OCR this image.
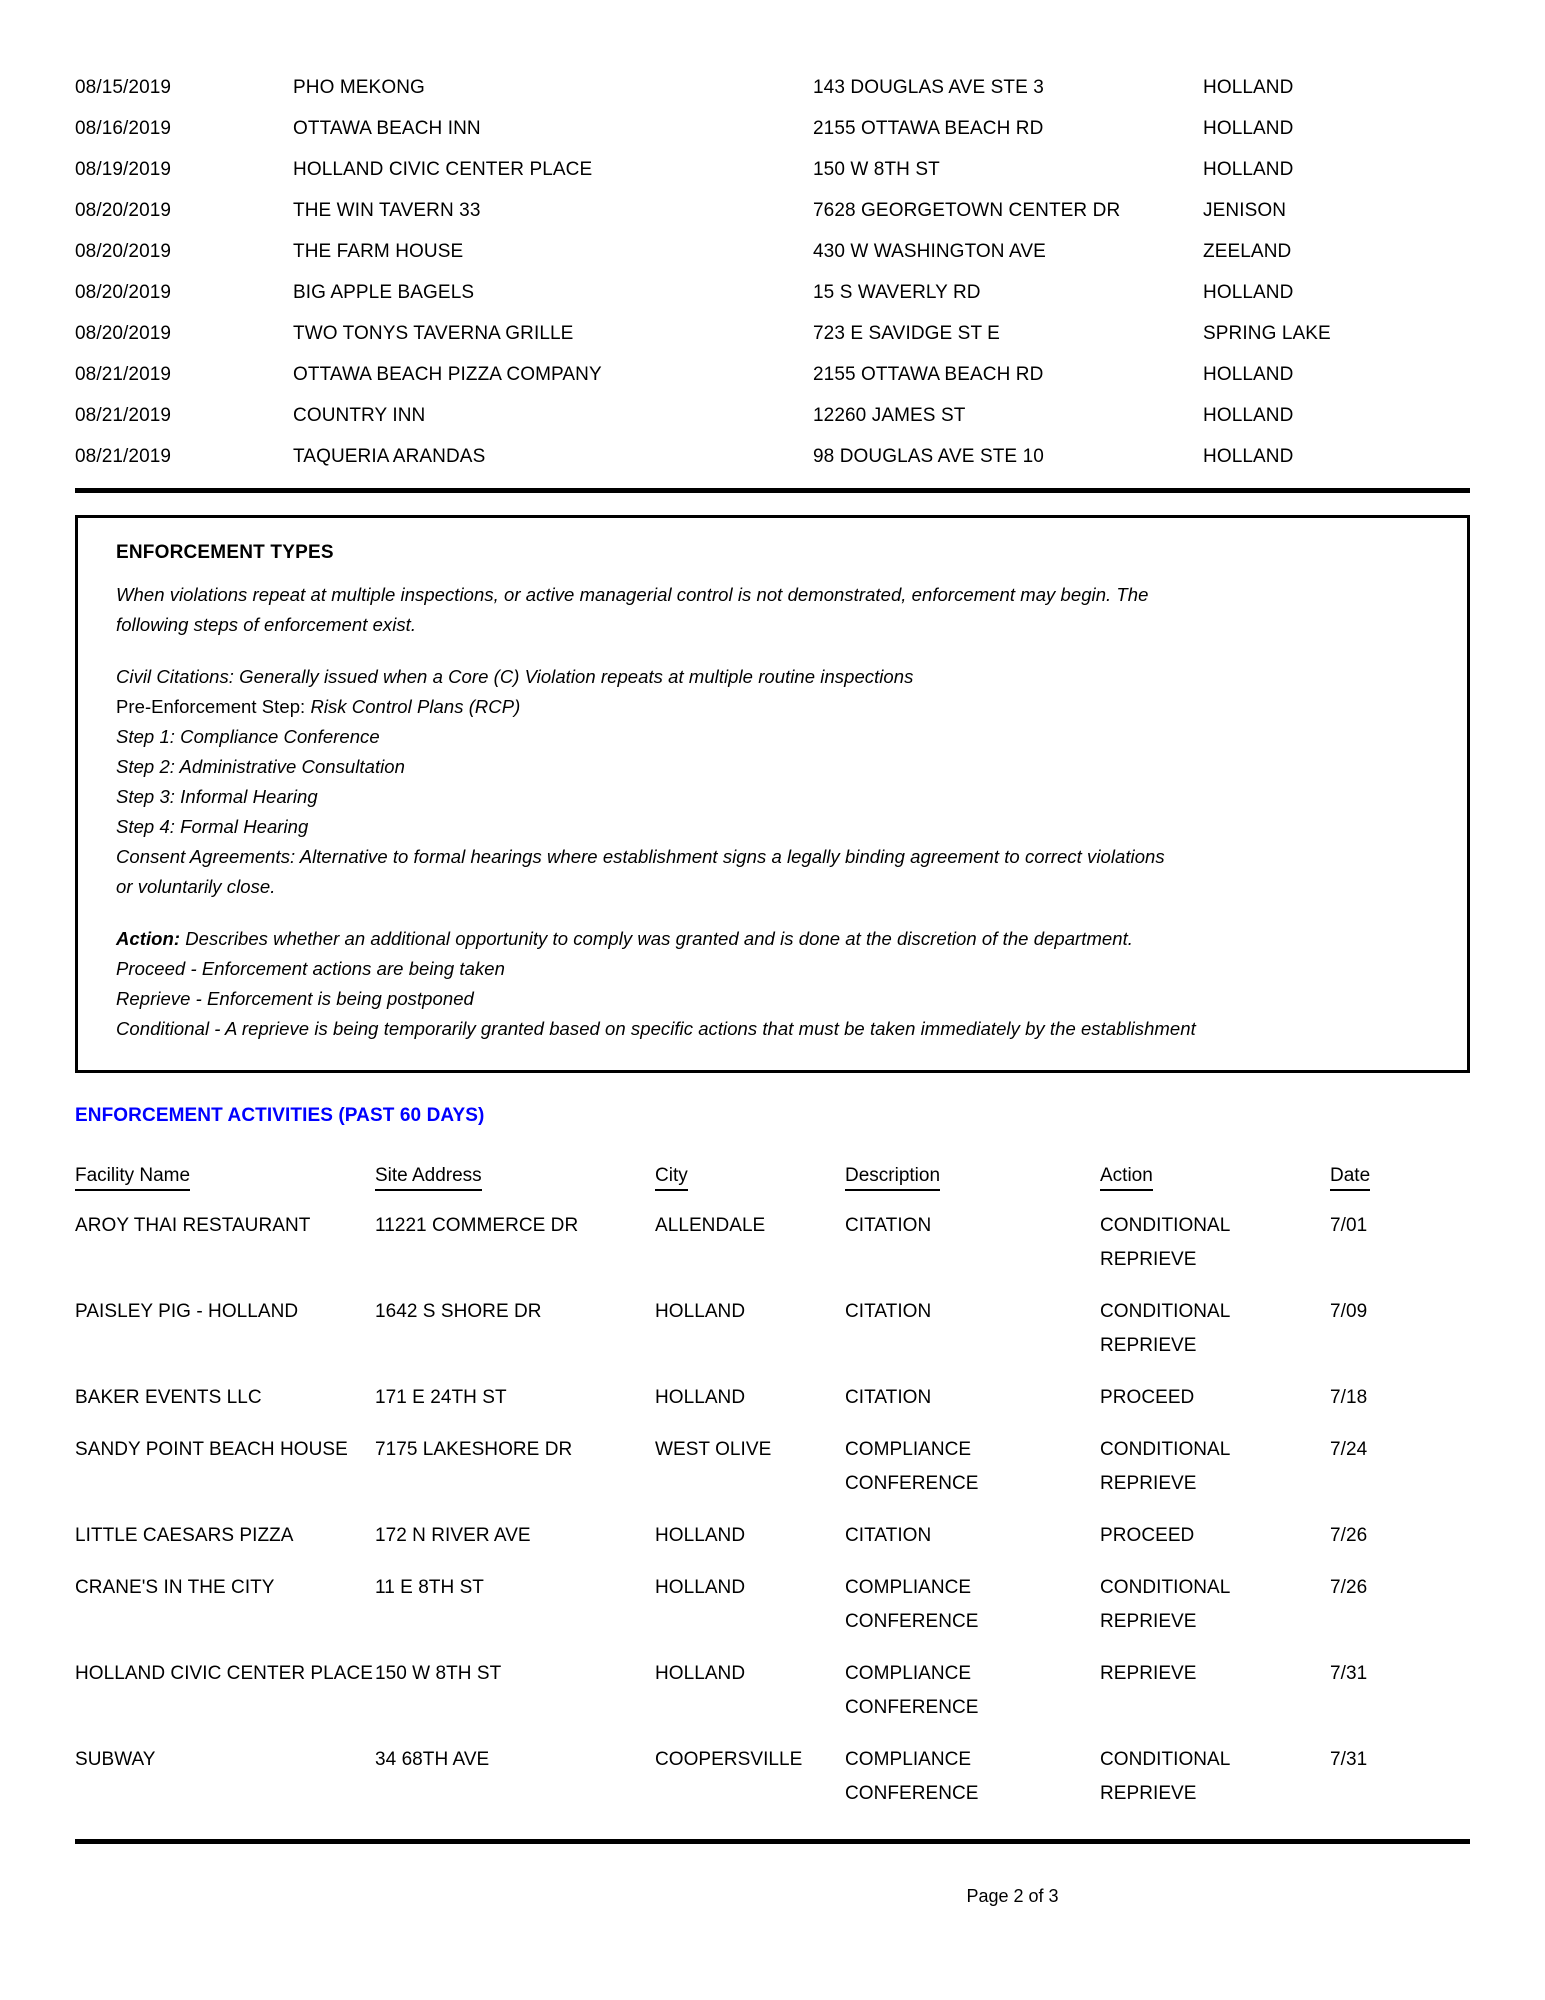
08/15/2019	PHO MEKONG	143 DOUGLAS AVE STE 3	HOLLAND
08/16/2019	OTTAWA BEACH INN	2155 OTTAWA BEACH RD	HOLLAND
08/19/2019	HOLLAND CIVIC CENTER PLACE	150 W 8TH ST	HOLLAND
08/20/2019	THE WIN TAVERN 33	7628 GEORGETOWN CENTER DR	JENISON
08/20/2019	THE FARM HOUSE	430 W WASHINGTON AVE	ZEELAND
08/20/2019	BIG APPLE BAGELS	15 S WAVERLY RD	HOLLAND
08/20/2019	TWO TONYS TAVERNA GRILLE	723 E SAVIDGE ST E	SPRING LAKE
08/21/2019	OTTAWA BEACH PIZZA COMPANY	2155 OTTAWA BEACH RD	HOLLAND
08/21/2019	COUNTRY INN	12260 JAMES ST	HOLLAND
08/21/2019	TAQUERIA ARANDAS	98 DOUGLAS AVE STE 10	HOLLAND
ENFORCEMENT TYPES
When violations repeat at multiple inspections, or active managerial control is not demonstrated, enforcement may begin. The
following steps of enforcement exist.
Civil Citations: Generally issued when a Core (C) Violation repeats at multiple routine inspections
Pre-Enforcement Step: Risk Control Plans (RCP)
Step 1: Compliance Conference
Step 2: Administrative Consultation
Step 3: Informal Hearing
Step 4: Formal Hearing
Consent Agreements: Alternative to formal hearings where establishment signs a legally binding agreement to correct violations
or voluntarily close.
Action: Describes whether an additional opportunity to comply was granted and is done at the discretion of the department.
Proceed - Enforcement actions are being taken
Reprieve - Enforcement is being postponed
Conditional - A reprieve is being temporarily granted based on specific actions that must be taken immediately by the establishment
ENFORCEMENT ACTIVITIES (PAST 60 DAYS)
Facility Name	Site Address	City	Description	Action	Date
AROY THAI RESTAURANT	11221 COMMERCE DR	ALLENDALE	CITATION	CONDITIONAL REPRIEVE	7/01
PAISLEY PIG - HOLLAND	1642 S SHORE DR	HOLLAND	CITATION	CONDITIONAL REPRIEVE	7/09
BAKER EVENTS LLC	171 E 24TH ST	HOLLAND	CITATION	PROCEED	7/18
SANDY POINT BEACH HOUSE	7175 LAKESHORE DR	WEST OLIVE	COMPLIANCE CONFERENCE	CONDITIONAL REPRIEVE	7/24
LITTLE CAESARS PIZZA	172 N RIVER AVE	HOLLAND	CITATION	PROCEED	7/26
CRANE'S IN THE CITY	11 E 8TH ST	HOLLAND	COMPLIANCE CONFERENCE	CONDITIONAL REPRIEVE	7/26
HOLLAND CIVIC CENTER PLACE	150 W 8TH ST	HOLLAND	COMPLIANCE CONFERENCE	REPRIEVE	7/31
SUBWAY	34 68TH AVE	COOPERSVILLE	COMPLIANCE CONFERENCE	CONDITIONAL REPRIEVE	7/31
Page 2 of 3
